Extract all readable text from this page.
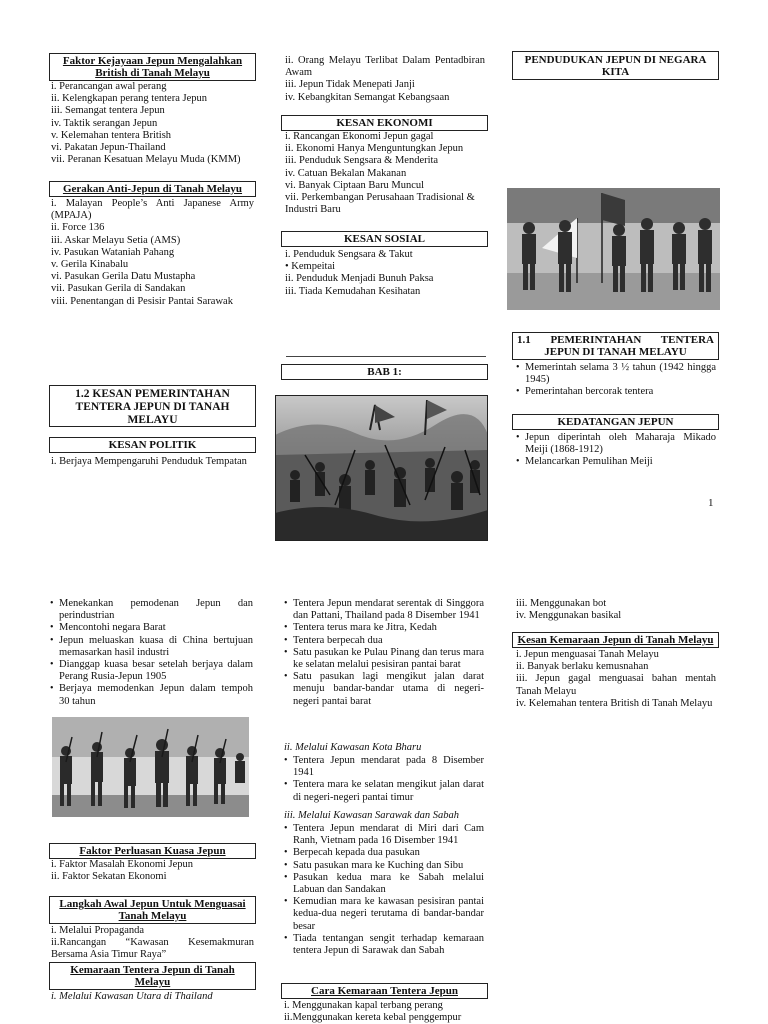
Faktor Kejayaan Jepun Mengalahkan British di Tanah Melayu
i. Perancangan awal perang
ii. Kelengkapan perang tentera Jepun
iii. Semangat tentera Jepun
iv. Taktik serangan Jepun
v. Kelemahan tentera British
vi. Pakatan Jepun-Thailand
vii. Peranan Kesatuan Melayu Muda (KMM)
Gerakan Anti-Jepun di Tanah Melayu
i. Malayan People’s Anti Japanese Army (MPAJA)
ii. Force 136
iii. Askar Melayu Setia (AMS)
iv. Pasukan Wataniah Pahang
v. Gerila Kinabalu
vi. Pasukan Gerila Datu Mustapha
vii. Pasukan Gerila di Sandakan
viii. Penentangan di Pesisir Pantai Sarawak
1.2 KESAN PEMERINTAHAN TENTERA JEPUN DI TANAH MELAYU
KESAN POLITIK
i. Berjaya Mempengaruhi Penduduk Tempatan
ii. Orang Melayu Terlibat Dalam Pentadbiran Awam
iii. Jepun Tidak Menepati Janji
iv. Kebangkitan Semangat Kebangsaan
KESAN EKONOMI
i. Rancangan Ekonomi Jepun gagal
ii. Ekonomi Hanya Menguntungkan Jepun
iii. Penduduk Sengsara & Menderita
iv. Catuan Bekalan Makanan
vi. Banyak Ciptaan Baru Muncul
vii. Perkembangan Perusahaan Tradisional & Industri Baru
KESAN SOSIAL
i. Penduduk Sengsara & Takut
• Kempeitai
ii. Penduduk Menjadi Bunuh Paksa
iii. Tiada Kemudahan Kesihatan
BAB 1:
PENDUDUKAN JEPUN DI NEGARA KITA
1.1 PEMERINTAHAN TENTERA JEPUN DI TANAH MELAYU
• Memerintah selama 3 ½ tahun (1942 hingga 1945)
• Pemerintahan bercorak tentera
KEDATANGAN JEPUN
• Jepun diperintah oleh Maharaja Mikado Meiji (1868-1912)
• Melancarkan Pemulihan Meiji
1
• Menekankan pemodenan Jepun dan perindustrian
• Mencontohi negara Barat
• Jepun meluaskan kuasa di China bertujuan memasarkan hasil industri
• Dianggap kuasa besar setelah berjaya dalam Perang Rusia-Jepun 1905
• Berjaya memodenkan Jepun dalam tempoh 30 tahun
Faktor Perluasan Kuasa Jepun
i. Faktor Masalah Ekonomi Jepun
ii. Faktor Sekatan Ekonomi
Langkah Awal Jepun Untuk Menguasai Tanah Melayu
i. Melalui Propaganda
ii.Rancangan “Kawasan Kesemakmuran Bersama Asia Timur Raya”
Kemaraan Tentera Jepun di Tanah Melayu
i. Melalui Kawasan Utara di Thailand
• Tentera Jepun mendarat serentak di Singgora dan Pattani, Thailand pada 8 Disember 1941
• Tentera terus mara ke Jitra, Kedah
• Tentera berpecah dua
• Satu pasukan ke Pulau Pinang dan terus mara ke selatan melalui pesisiran pantai barat
• Satu pasukan lagi mengikut jalan darat menuju bandar-bandar utama di negeri-negeri pantai barat
ii. Melalui Kawasan Kota Bharu
• Tentera Jepun mendarat pada 8 Disember 1941
• Tentera mara ke selatan mengikut jalan darat di negeri-negeri pantai timur
iii. Melalui Kawasan Sarawak dan Sabah
• Tentera Jepun mendarat di Miri dari Cam Ranh, Vietnam pada 16 Disember 1941
• Berpecah kepada dua pasukan
• Satu pasukan mara ke Kuching dan Sibu
• Pasukan kedua mara ke Sabah melalui Labuan dan Sandakan
• Kemudian mara ke kawasan pesisiran pantai kedua-dua negeri terutama di bandar-bandar besar
• Tiada tentangan sengit terhadap kemaraan tentera Jepun di Sarawak dan Sabah
Cara Kemaraan Tentera Jepun
i. Menggunakan kapal terbang perang
ii.Menggunakan kereta kebal penggempur
iii. Menggunakan bot
iv. Menggunakan basikal
Kesan Kemaraan Jepun di Tanah Melayu
i. Jepun menguasai Tanah Melayu
ii. Banyak berlaku kemusnahan
iii. Jepun gagal menguasai bahan mentah Tanah Melayu
iv. Kelemahan tentera British di Tanah Melayu
